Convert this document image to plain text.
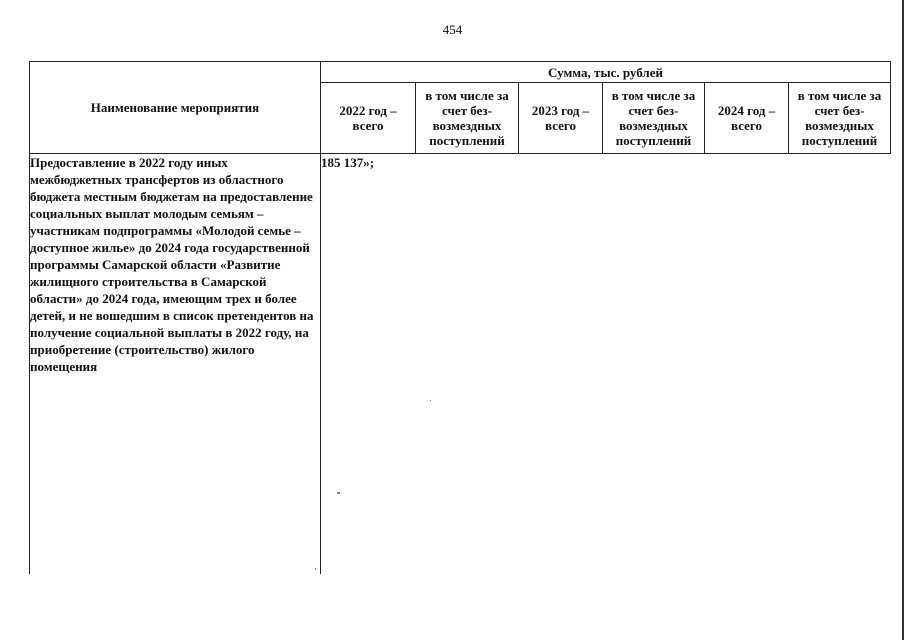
454
Наименование мероприятия	Сумма, тыс. рублей					
	2022 год – всего	в том числе за счет без-возмездных поступлений	2023 год – всего	в том числе за счет без-возмездных поступлений	2024 год – всего	в том числе за счет без-возмездных поступлений
Предоставление в 2022 году иных межбюджетных трансфертов из областного бюджета местным бюджетам на предоставление социальных выплат молодым семьям – участникам подпрограммы «Молодой семье – доступное жилье» до 2024 года государственной программы Самарской области «Развитие жилищного строительства в Самарской области» до 2024 года, имеющим трех и более детей, и не вошедшим в список претендентов на получение социальной выплаты в 2022 году, на приобретение (строительство) жилого помещения	185 137»;					
